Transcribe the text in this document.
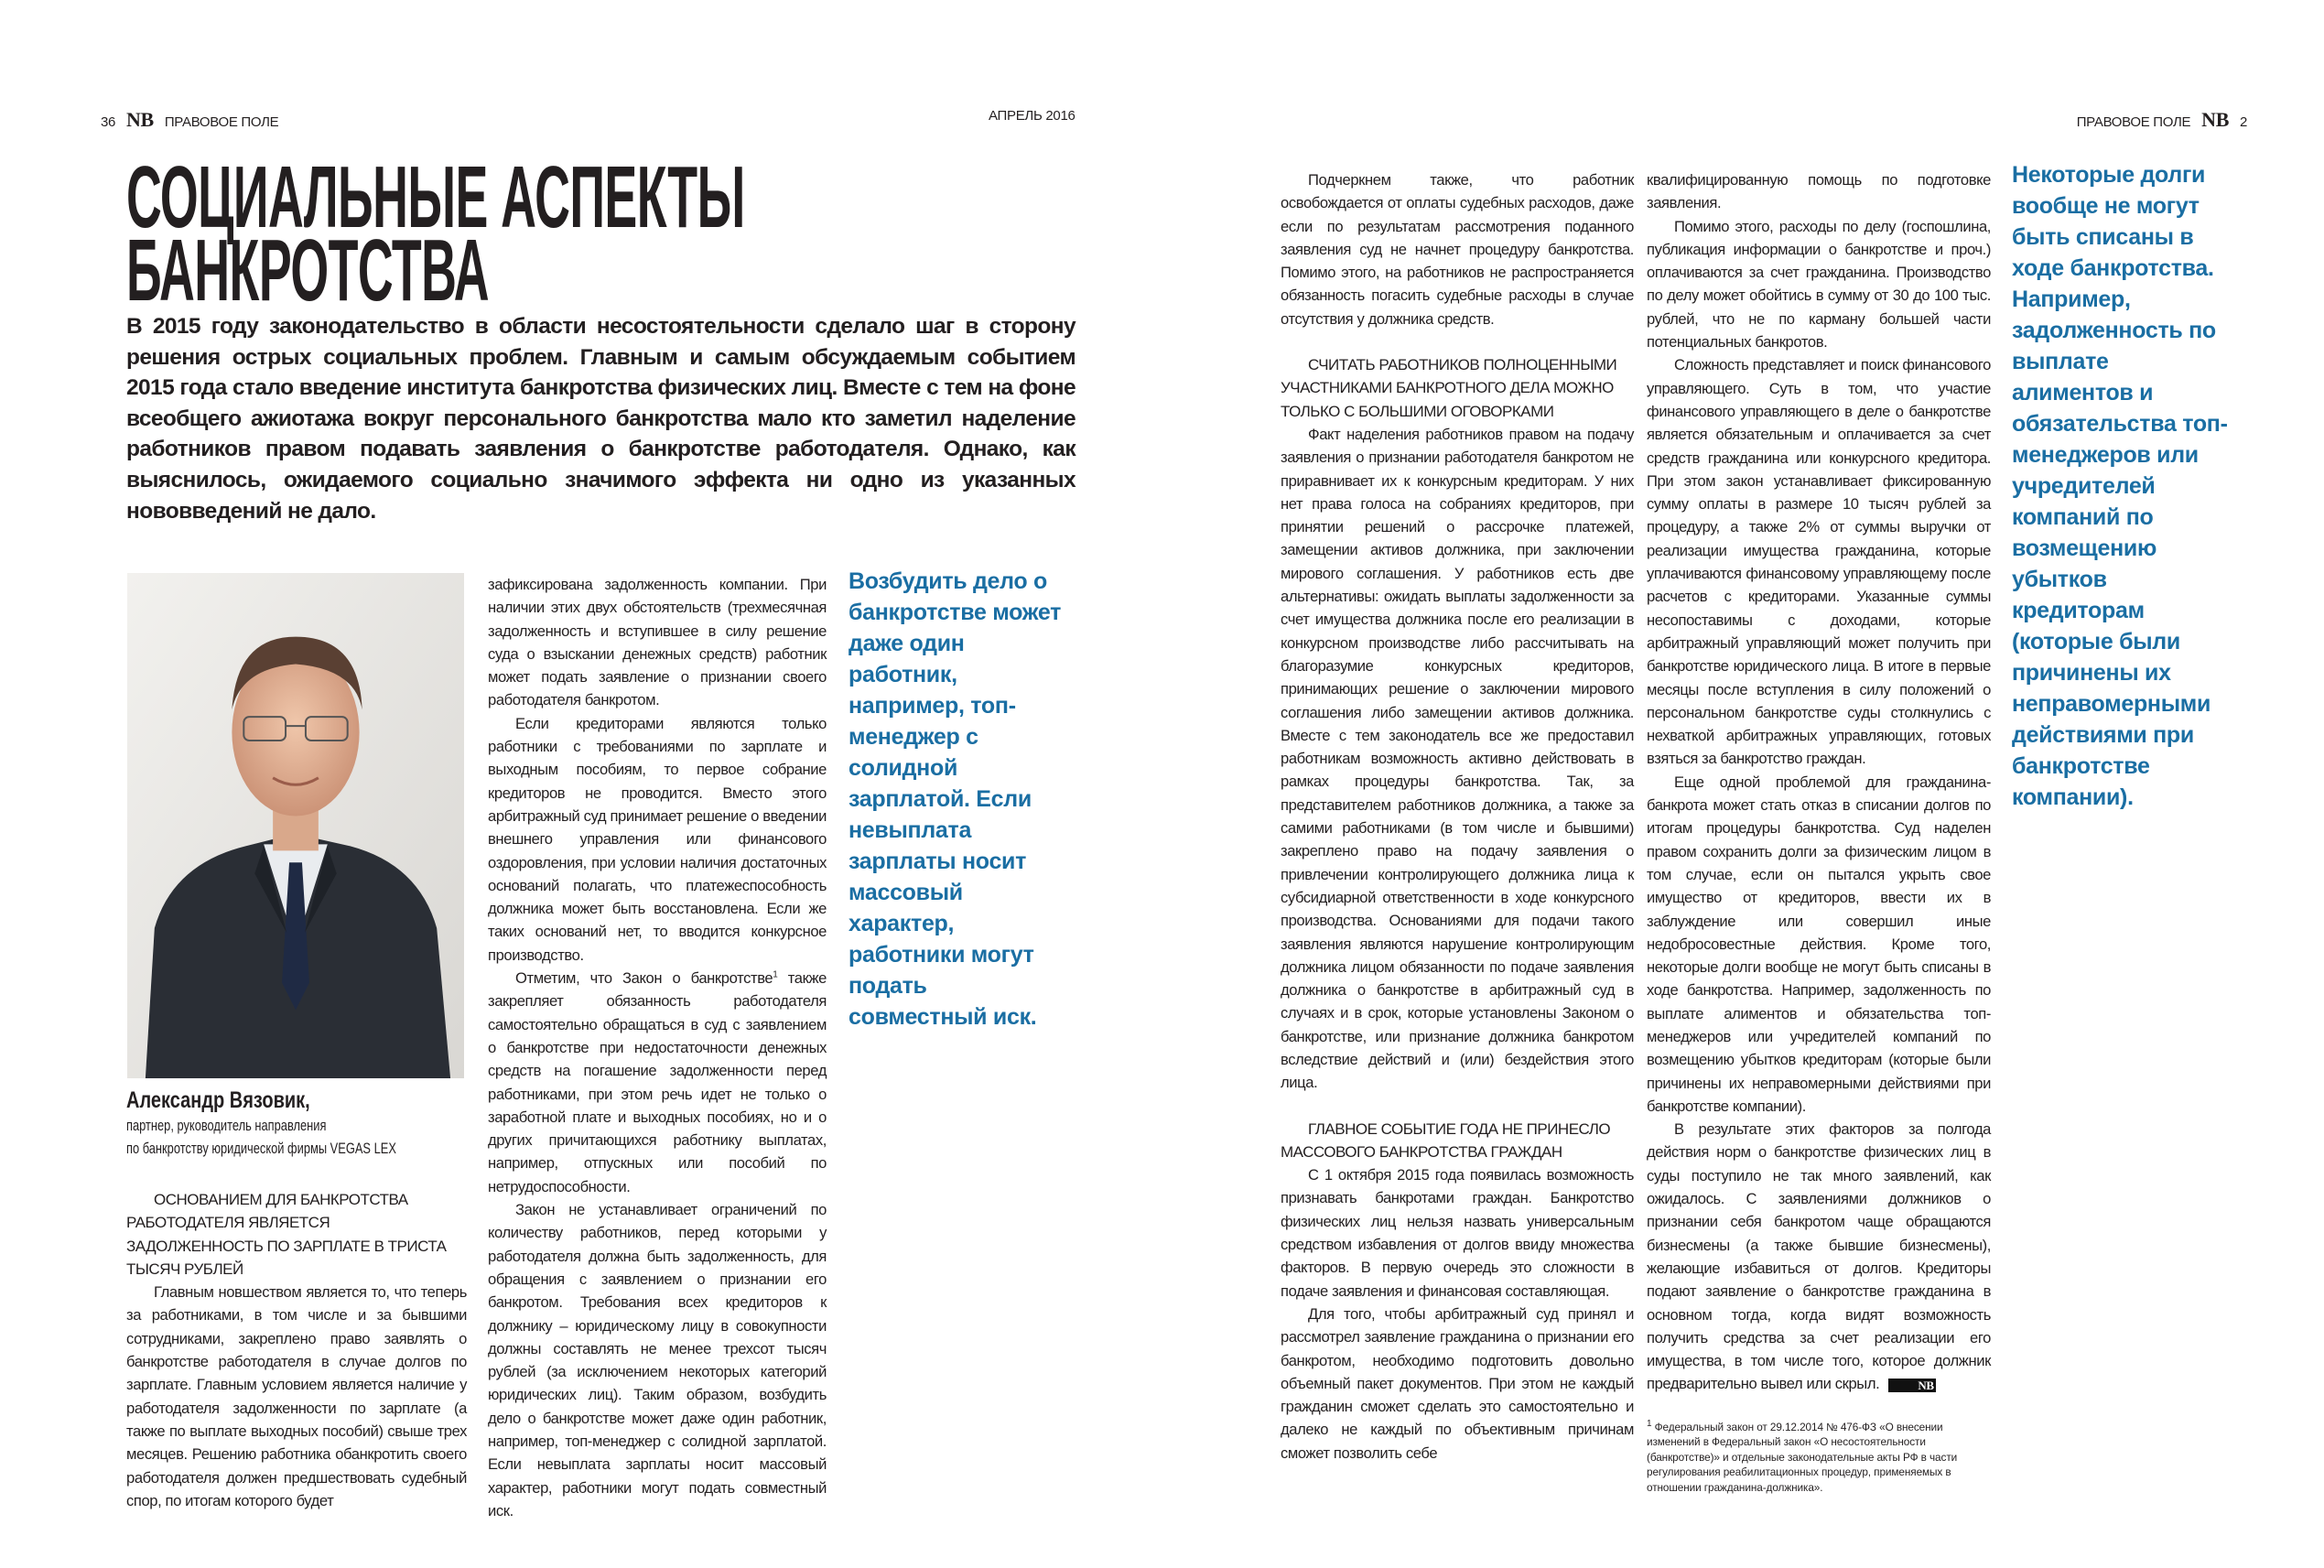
36 NB ПРАВОВОЕ ПОЛЕ	АПРЕЛЬ 2016
СОЦИАЛЬНЫЕ АСПЕКТЫ
БАНКРОТСТВА
В 2015 году законодательство в области несостоятельности сделало шаг в сторону решения острых социальных проблем. Главным и самым обсуждаемым событием 2015 года стало введение института банкротства физических лиц. Вместе с тем на фоне всеобщего ажиотажа вокруг персонального банкротства мало кто заметил наделение работников правом подавать заявления о банкротстве работодателя. Однако, как выяснилось, ожидаемого социально значимого эффекта ни одно из указанных нововведений не дало.
Александр Вязовик,
партнер, руководитель направления
по банкротству юридической фирмы VEGAS LEX
ОСНОВАНИЕМ ДЛЯ БАНКРОТСТВА РАБОТОДАТЕЛЯ ЯВЛЯЕТСЯ ЗАДОЛЖЕННОСТЬ ПО ЗАРПЛАТЕ В ТРИСТА ТЫСЯЧ РУБЛЕЙ

Главным новшеством является то, что теперь за работниками, в том числе и за бывшими сотрудниками, закреплено право заявлять о банкротстве работодателя в случае долгов по зарплате. Главным условием является наличие у работодателя задолженности по зарплате (а также по выплате выходных пособий) свыше трех месяцев. Решению работника обанкротить своего работодателя должен предшествовать судебный спор, по итогам которого будет

зафиксирована задолженность компании. При наличии этих двух обстоятельств (трехмесячная задолженность и вступившее в силу решение суда о взыскании денежных средств) работник может подать заявление о признании своего работодателя банкротом.

Если кредиторами являются только работники с требованиями по зарплате и выходным пособиям, то первое собрание кредиторов не проводится. Вместо этого арбитражный суд принимает решение о введении внешнего управления или финансового оздоровления, при условии наличия достаточных оснований полагать, что платежеспособность должника может быть восстановлена. Если же таких оснований нет, то вводится конкурсное производство.

Отметим, что Закон о банкротстве$^1$ также закрепляет обязанность работодателя самостоятельно обращаться в суд с заявлением о банкротстве при недостаточности денежных средств на погашение задолженности перед работниками, при этом речь идет не только о заработной плате и выходных пособиях, но и о других причитающихся работнику выплатах, например, отпускных или пособий по нетрудоспособности.

Закон не устанавливает ограничений по количеству работников, перед которыми у работодателя должна быть задолженность, для обращения с заявлением о признании его банкротом. Требования всех кредиторов к должнику – юридическому лицу в совокупности должны составлять не менее трехсот тысяч рублей (за исключением некоторых категорий юридических лиц). Таким образом, возбудить дело о банкротстве может даже один работник, например, топ-менеджер с солидной зарплатой. Если невыплата зарплаты носит массовый характер, работники могут подать совместный иск.

Возбудить дело о банкротстве может даже один работник, например, топ-менеджер с солидной зарплатой. Если невыплата зарплаты носит массовый характер, работники могут подать совместный иск.
ПРАВОВОЕ ПОЛЕ NB 2

Подчеркнем также, что работник освобождается от оплаты судебных расходов, даже если по результатам рассмотрения поданного заявления суд не начнет процедуру банкротства. Помимо этого, на работников не распространяется обязанность погасить судебные расходы в случае отсутствия у должника средств.

СЧИТАТЬ РАБОТНИКОВ ПОЛНОЦЕННЫМИ УЧАСТНИКАМИ БАНКРОТНОГО ДЕЛА МОЖНО ТОЛЬКО С БОЛЬШИМИ ОГОВОРКАМИ

Факт наделения работников правом на подачу заявления о признании работодателя банкротом не приравнивает их к конкурсным кредиторам. У них нет права голоса на собраниях кредиторов, при принятии решений о рассрочке платежей, замещении активов должника, при заключении мирового соглашения. У работников есть две альтернативы: ожидать выплаты задолженности за счет имущества должника после его реализации в конкурсном производстве либо рассчитывать на благоразумие конкурсных кредиторов, принимающих решение о заключении мирового соглашения либо замещении активов должника. Вместе с тем законодатель все же предоставил работникам возможность активно действовать в рамках процедуры банкротства. Так, за представителем работников должника, а также за самими работниками (в том числе и бывшими) закреплено право на подачу заявления о привлечении контролирующего должника лица к субсидиарной ответственности в ходе конкурсного производства. Основаниями для подачи такого заявления являются нарушение контролирующим должника лицом обязанности по подаче заявления должника о банкротстве в арбитражный суд в случаях и в срок, которые установлены Законом о банкротстве, или признание должника банкротом вследствие действий и (или) бездействия этого лица.

ГЛАВНОЕ СОБЫТИЕ ГОДА НЕ ПРИНЕСЛО МАССОВОГО БАНКРОТСТВА ГРАЖДАН

С 1 октября 2015 года появилась возможность признавать банкротами граждан. Банкротство физических лиц нельзя назвать универсальным средством избавления от долгов ввиду множества факторов. В первую очередь это сложности в подаче заявления и финансовая составляющая.

Для того, чтобы арбитражный суд принял и рассмотрел заявление гражданина о признании его банкротом, необходимо подготовить довольно объемный пакет документов. При этом не каждый гражданин сможет сделать это самостоятельно и далеко не каждый по объективным причинам сможет позволить себе

квалифицированную помощь по подготовке заявления.

Помимо этого, расходы по делу (госпошлина, публикация информации о банкротстве и проч.) оплачиваются за счет гражданина. Производство по делу может обойтись в сумму от 30 до 100 тыс. рублей, что не по карману большей части потенциальных банкротов.

Сложность представляет и поиск финансового управляющего. Суть в том, что участие финансового управляющего в деле о банкротстве является обязательным и оплачивается за счет средств гражданина или конкурсного кредитора. При этом закон устанавливает фиксированную сумму оплаты в размере 10 тысяч рублей за процедуру, а также 2% от суммы выручки от реализации имущества гражданина, которые уплачиваются финансовому управляющему после расчетов с кредиторами. Указанные суммы несопоставимы с доходами, которые арбитражный управляющий может получить при банкротстве юридического лица. В итоге в первые месяцы после вступления в силу положений о персональном банкротстве суды столкнулись с нехваткой арбитражных управляющих, готовых взяться за банкротство граждан.

Еще одной проблемой для гражданина-банкрота может стать отказ в списании долгов по итогам процедуры банкротства. Суд наделен правом сохранить долги за физическим лицом в том случае, если он пытался укрыть свое имущество от кредиторов, ввести их в заблуждение или совершил иные недобросовестные действия. Кроме того, некоторые долги вообще не могут быть списаны в ходе банкротства. Например, задолженность по выплате алиментов и обязательства топ-менеджеров или учредителей компаний по возмещению убытков кредиторам (которые были причинены их неправомерными действиями при банкротстве компании).

В результате этих факторов за полгода действия норм о банкротстве физических лиц в суды поступило не так много заявлений, как ожидалось. С заявлениями должников о признании себя банкротом чаще обращаются бизнесмены (а также бывшие бизнесмены), желающие избавиться от долгов. Кредиторы подают заявление о банкротстве гражданина в основном тогда, когда видят возможность получить средства за счет реализации его имущества, в том числе того, которое должник предварительно вывел или скрыл.	NB

$^1$ Федеральный закон от 29.12.2014 № 476-ФЗ «О внесении изменений в Федеральный закон «О несостоятельности (банкротстве)» и отдельные законодательные акты РФ в части регулирования реабилитационных процедур, применяемых в отношении гражданина-должника».
Некоторые долги вообще не могут быть списаны в ходе банкротства. Например, задолженность по выплате алиментов и обязательства топ-менеджеров или учредителей компаний по возмещению убытков кредиторам (которые были причинены их неправомерными действиями при банкротстве компании).
